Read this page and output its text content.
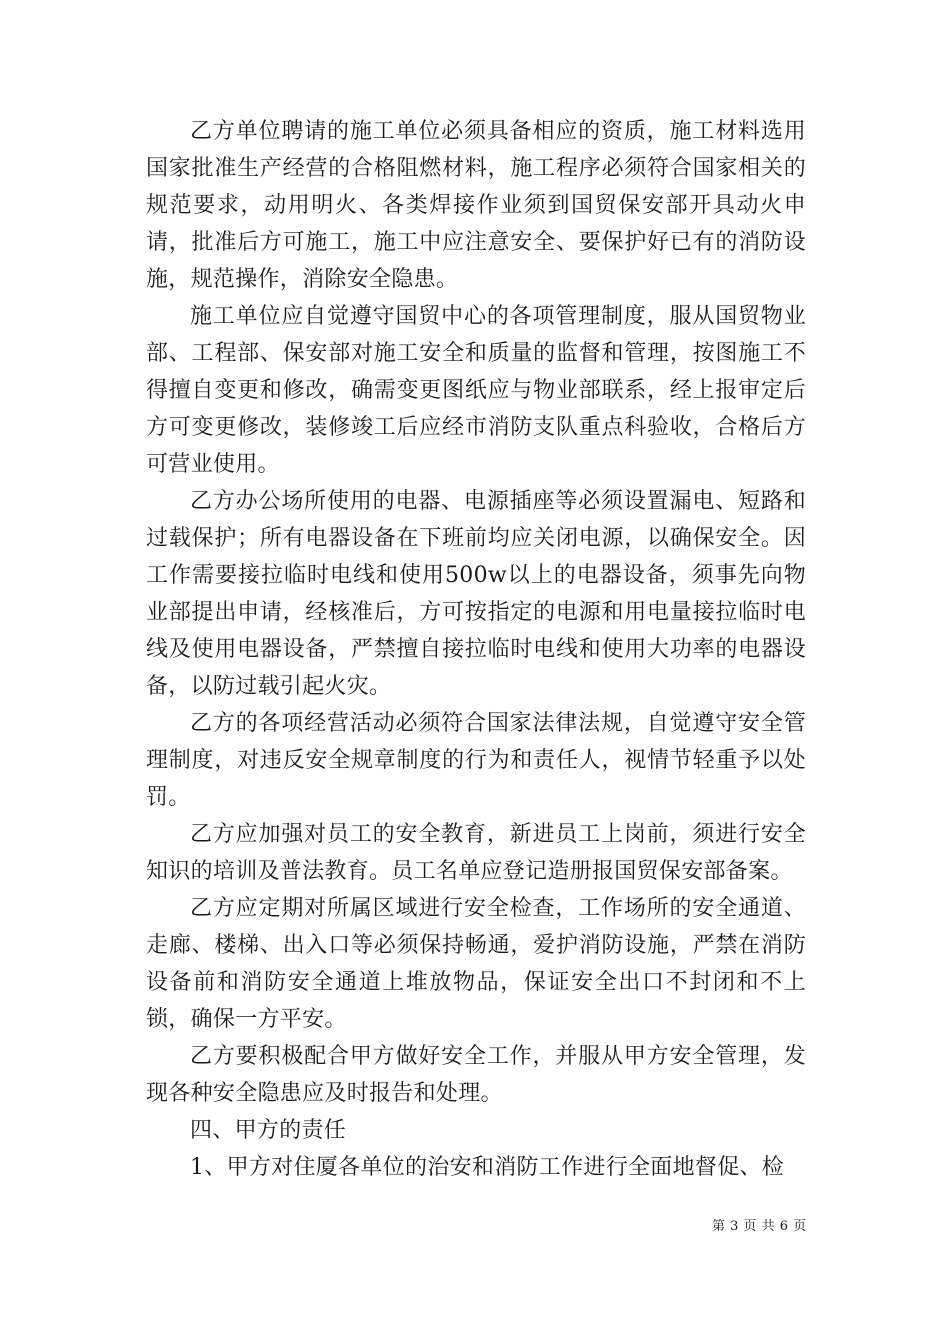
乙方单位聘请的施工单位必须具备相应的资质，施工材料选用国家批准生产经营的合格阻燃材料，施工程序必须符合国家相关的规范要求，动用明火、各类焊接作业须到国贸保安部开具动火申请，批准后方可施工，施工中应注意安全、要保护好已有的消防设施，规范操作，消除安全隐患。

施工单位应自觉遵守国贸中心的各项管理制度，服从国贸物业部、工程部、保安部对施工安全和质量的监督和管理，按图施工不得擅自变更和修改，确需变更图纸应与物业部联系，经上报审定后方可变更修改，装修竣工后应经市消防支队重点科验收，合格后方可营业使用。

乙方办公场所使用的电器、电源插座等必须设置漏电、短路和过载保护；所有电器设备在下班前均应关闭电源，以确保安全。因工作需要接拉临时电线和使用500w以上的电器设备，须事先向物业部提出申请，经核准后，方可按指定的电源和用电量接拉临时电线及使用电器设备，严禁擅自接拉临时电线和使用大功率的电器设备，以防过载引起火灾。

乙方的各项经营活动必须符合国家法律法规，自觉遵守安全管理制度，对违反安全规章制度的行为和责任人，视情节轻重予以处罚。

乙方应加强对员工的安全教育，新进员工上岗前，须进行安全知识的培训及普法教育。员工名单应登记造册报国贸保安部备案。

乙方应定期对所属区域进行安全检查，工作场所的安全通道、走廊、楼梯、出入口等必须保持畅通，爱护消防设施，严禁在消防设备前和消防安全通道上堆放物品，保证安全出口不封闭和不上锁，确保一方平安。

乙方要积极配合甲方做好安全工作，并服从甲方安全管理，发现各种安全隐患应及时报告和处理。

四、甲方的责任

1、甲方对住厦各单位的治安和消防工作进行全面地督促、检

第 3 页 共 6 页
